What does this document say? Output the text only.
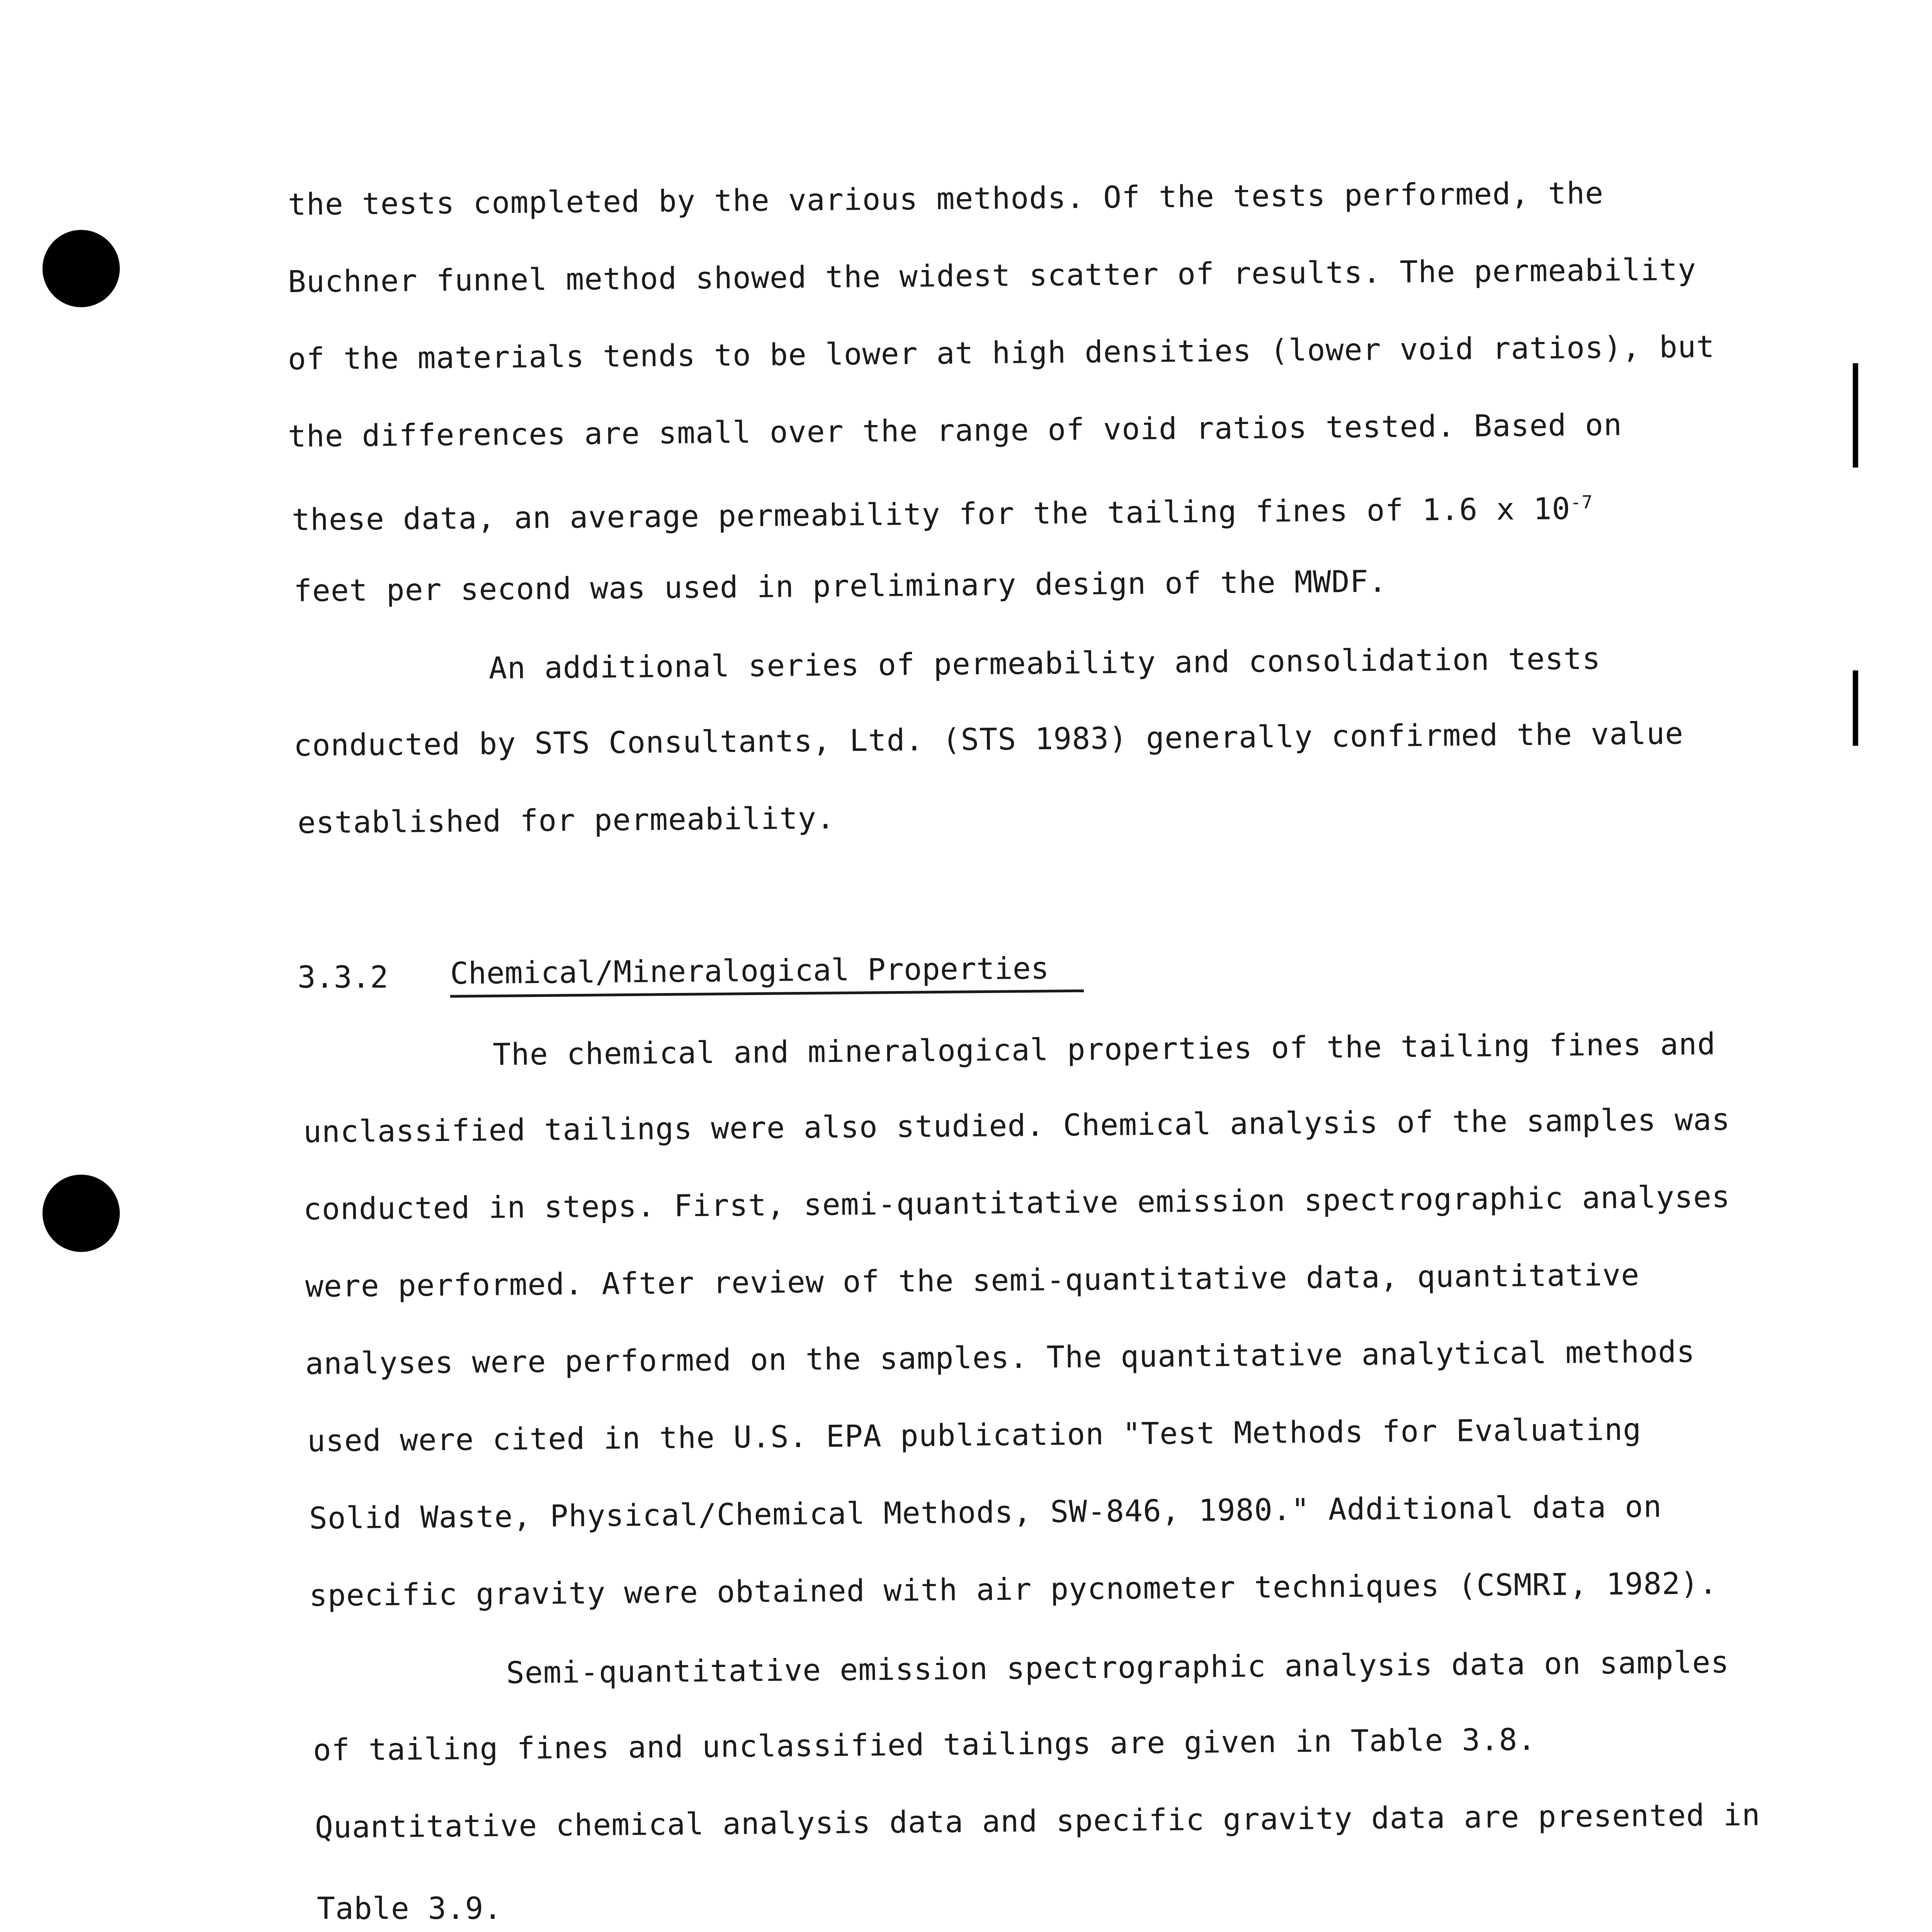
the tests completed by the various methods. Of the tests performed, the
Buchner funnel method showed the widest scatter of results. The permeability
of the materials tends to be lower at high densities (lower void ratios), but
the differences are small over the range of void ratios tested. Based on
these data, an average permeability for the tailing fines of 1.6 x $10^{-7}$
feet per second was used in preliminary design of the MWDF.
An additional series of permeability and consolidation tests
conducted by STS Consultants, Ltd. (STS 1983) generally confirmed the value
established for permeability.
3.3.2 Chemical/Mineralogical Properties
The chemical and mineralogical properties of the tailing fines and
unclassified tailings were also studied. Chemical analysis of the samples was
conducted in steps. First, semi-quantitative emission spectrographic analyses
were performed. After review of the semi-quantitative data, quantitative
analyses were performed on the samples. The quantitative analytical methods
used were cited in the U.S. EPA publication "Test Methods for Evaluating
Solid Waste, Physical/Chemical Methods, SW-846, 1980." Additional data on
specific gravity were obtained with air pycnometer techniques (CSMRI, 1982).
Semi-quantitative emission spectrographic analysis data on samples
of tailing fines and unclassified tailings are given in Table 3.8.
Quantitative chemical analysis data and specific gravity data are presented in
Table 3.9.
